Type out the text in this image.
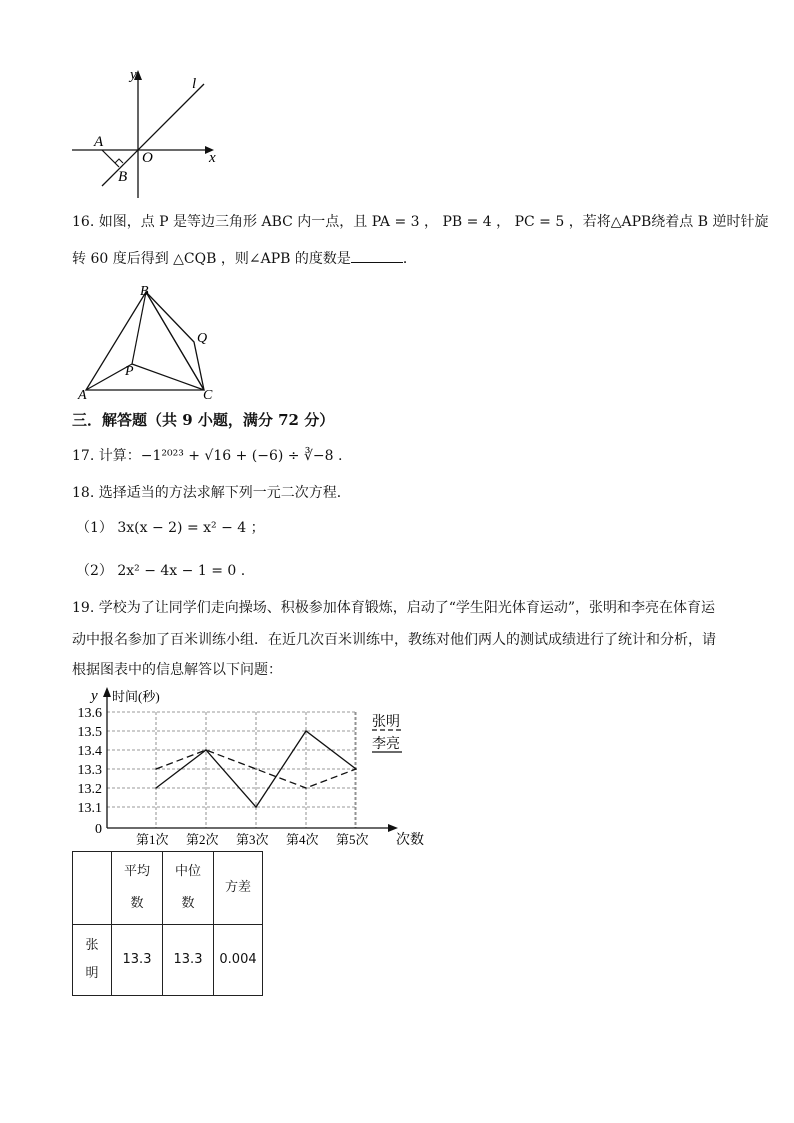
y
l
x
A
O
B
16. 如图，点 P 是等边三角形 ABC 内一点，且 PA = 3 ， PB = 4 ， PC = 5 ，若将△APB绕着点 B 逆时针旋
转 60 度后得到 △CQB ，则∠APB 的度数是	．
B
Q
P
A	C
三．解答题（共 9 小题，满分 72 分）
17. 计算：−1²⁰²³ + √16 + (−6) ÷ ∛−8 .
18. 选择适当的方法求解下列一元二次方程．
（1） 3x(x − 2) = x² − 4 ；
（2） 2x² − 4x − 1 = 0 .
19. 学校为了让同学们走向操场、积极参加体育锻炼，启动了“学生阳光体育运动”，张明和李亮在体育运
动中报名参加了百米训练小组．在近几次百米训练中，教练对他们两人的测试成绩进行了统计和分析，请
根据图表中的信息解答以下问题：
13.6
13.5
13.4
13.3
13.2
13.1
0
y 时间(秒)
次数
第1次 第2次 第3次 第4次 第5次
张明
李亮
	平均数	中位数	方差
张明	13.3	13.3	0.004
